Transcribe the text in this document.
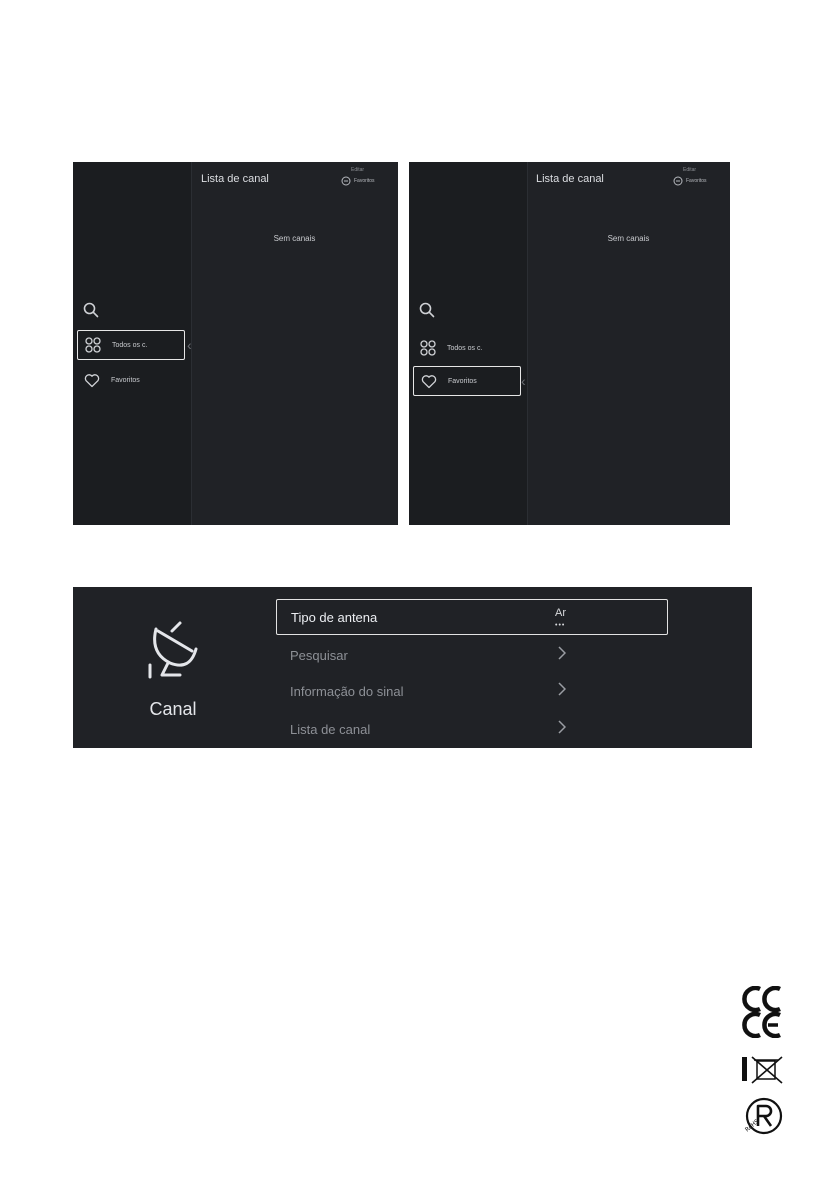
Todos os c.
Favoritos
‹
Lista de canal
Editar
Favoritos
Sem canais
Todos os c.
Favoritos	‹
Lista de canal
Editar
Favoritos
Sem canais
Canal
Tipo de antena	Ar
•••
Pesquisar
Informação do sinal
Lista de canal
RoHS
